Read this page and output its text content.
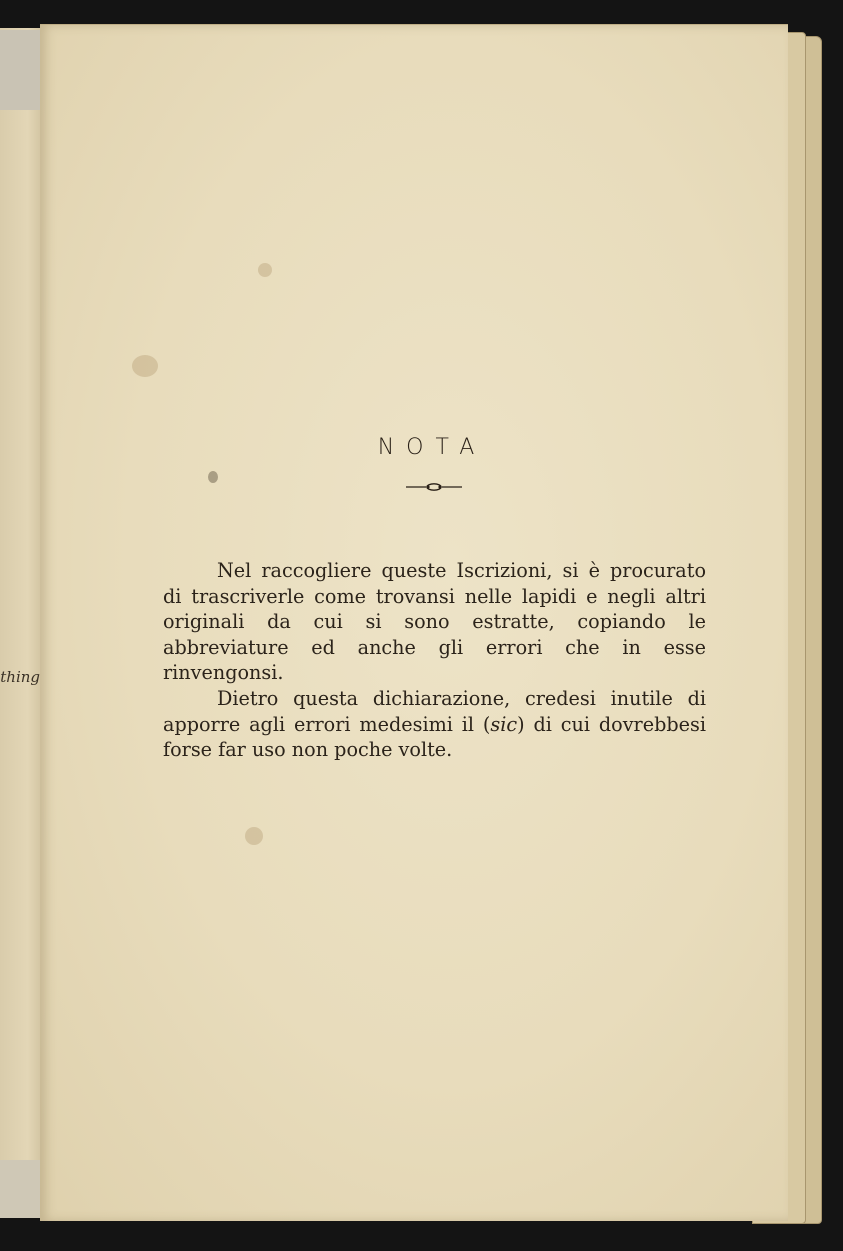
thing
NOTA

Nel raccogliere queste Iscrizioni, si è procurato di trascriverle come trovansi nelle lapidi e negli altri originali da cui si sono estratte, copiando le abbreviature ed anche gli errori che in esse rinvengonsi.

Dietro questa dichiarazione, credesi inutile di apporre agli errori medesimi il (sic) di cui dovrebbesi forse far uso non poche volte.
